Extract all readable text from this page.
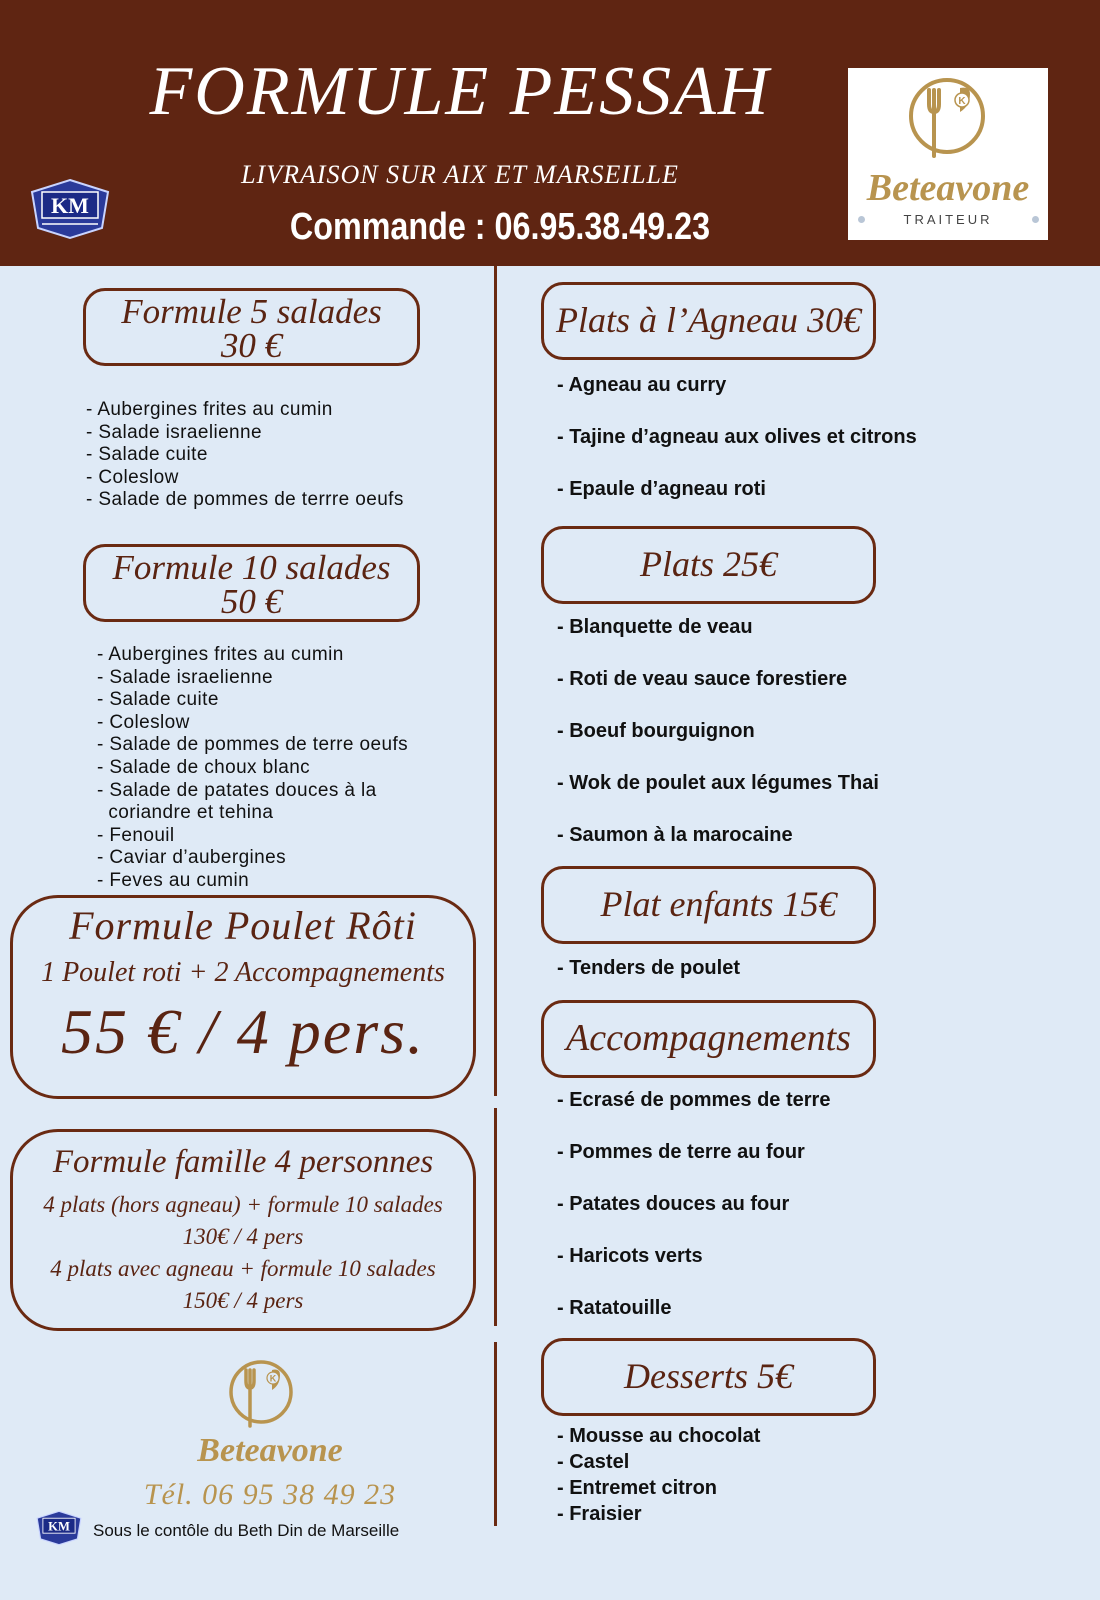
FORMULE PESSAH
LIVRAISON SUR AIX ET MARSEILLE
Commande : 06.95.38.49.23
KM
K
Beteavone
TRAITEUR
Formule 5 salades
30 €
- Aubergines frites au cumin
- Salade israelienne
- Salade cuite
- Coleslow
- Salade de pommes de terrre oeufs
Formule 10 salades
50 €
- Aubergines frites au cumin
- Salade israelienne
- Salade cuite
- Coleslow
- Salade de pommes de terre oeufs
- Salade de choux blanc
- Salade de patates douces à la
coriandre et tehina
- Fenouil
- Caviar d’aubergines
- Feves au cumin
Formule Poulet Rôti
1 Poulet roti + 2 Accompagnements
55 € / 4 pers.
Formule famille 4 personnes
4 plats (hors agneau) + formule 10 salades
130€ / 4 pers
4 plats avec agneau + formule 10 salades
150€ / 4 pers
K
Beteavone
Tél. 06 95 38 49 23
KM Sous le contôle du Beth Din de Marseille
Plats à l’Agneau 30€
- Agneau au curry
- Tajine d’agneau aux olives et citrons
- Epaule d’agneau roti
Plats 25€
- Blanquette de veau
- Roti de veau sauce forestiere
- Boeuf bourguignon
- Wok de poulet aux légumes Thai
- Saumon à la marocaine
Plat enfants 15€
- Tenders de poulet
Accompagnements
- Ecrasé de pommes de terre
- Pommes de terre au four
- Patates douces au four
- Haricots verts
- Ratatouille
Desserts 5€
- Mousse au chocolat
- Castel
- Entremet citron
- Fraisier
